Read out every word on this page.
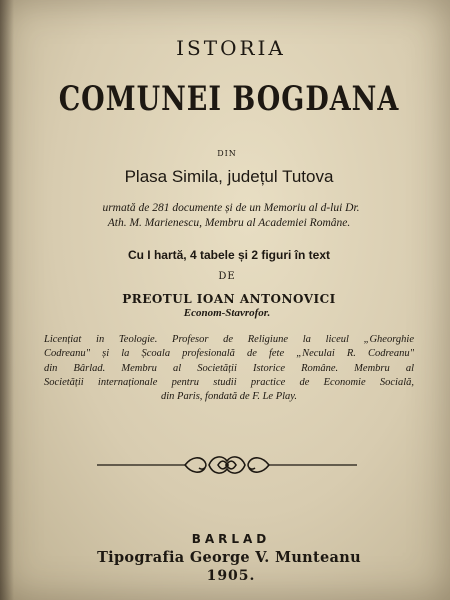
ISTORIA
COMUNEI BOGDANA
DIN
Plasa Simila, județul Tutova
urmată de 281 documente și de un Memoriu al d-lui Dr.
Ath. M. Marienescu, Membru al Academiei Române.
Cu I hartă, 4 tabele și 2 figuri în text
DE
PREOTUL IOAN ANTONOVICI
Econom-Stavrofor.
Licențiat in Teologie. Profesor de Religiune la liceul „Gheorghie
Codreanu" și la Școala profesională de fete „Neculai R. Codreanu"
din Bârlad. Membru al Societății Istorice Române. Membru al
Societății internaționale pentru studii practice de Economie Socială,
din Paris, fondată de F. Le Play.
BARLAD
Tipografia George V. Munteanu
1905.
